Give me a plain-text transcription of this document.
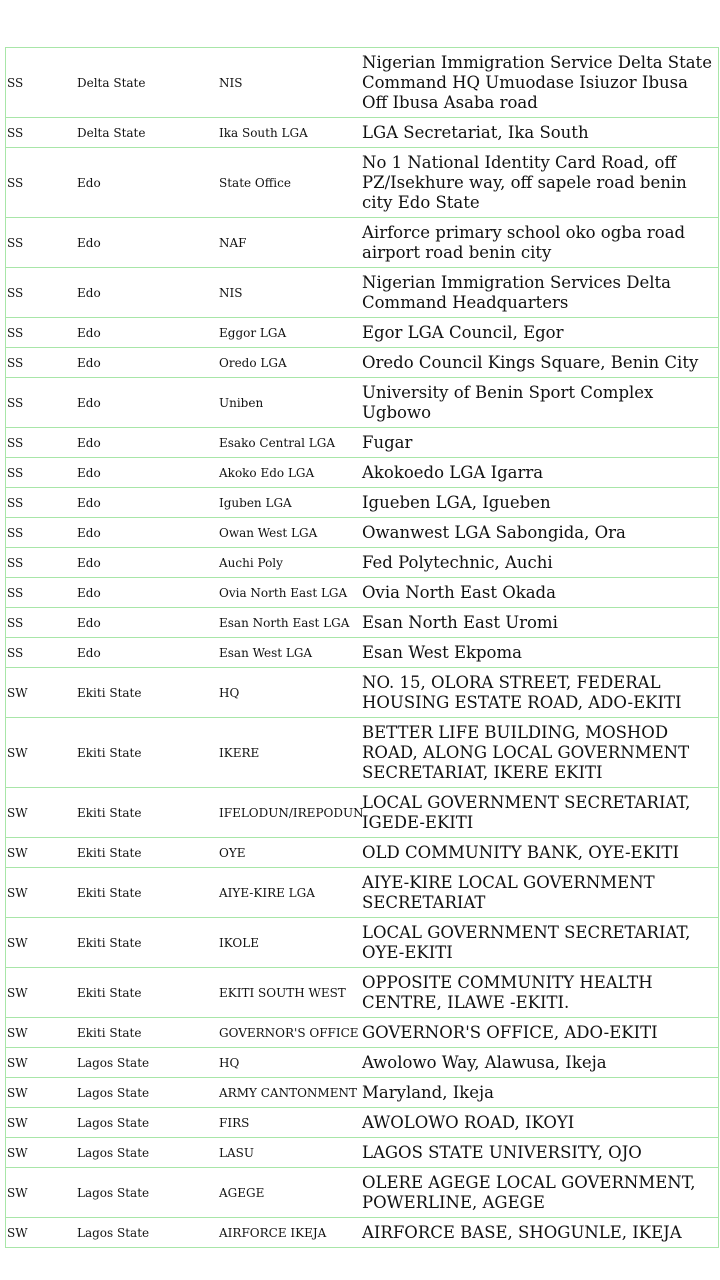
SS	Delta State	NIS	Nigerian Immigration Service Delta State Command HQ Umuodase Isiuzor Ibusa Off Ibusa Asaba road
SS	Delta State	Ika South LGA	LGA Secretariat, Ika South
SS	Edo	State Office	No 1 National Identity Card Road, off PZ/Isekhure way, off sapele road benin city Edo State
SS	Edo	NAF	Airforce primary school oko ogba road airport road benin city
SS	Edo	NIS	Nigerian Immigration Services Delta Command Headquarters
SS	Edo	Eggor LGA	Egor LGA Council, Egor
SS	Edo	Oredo LGA	Oredo Council Kings Square, Benin City
SS	Edo	Uniben	University of Benin Sport Complex Ugbowo
SS	Edo	Esako Central LGA	Fugar
SS	Edo	Akoko Edo LGA	Akokoedo LGA Igarra
SS	Edo	Iguben LGA	Igueben LGA, Igueben
SS	Edo	Owan West LGA	Owanwest LGA Sabongida, Ora
SS	Edo	Auchi Poly	Fed Polytechnic, Auchi
SS	Edo	Ovia North East LGA	Ovia North East Okada
SS	Edo	Esan North East LGA	Esan North East Uromi
SS	Edo	Esan West LGA	Esan West Ekpoma
SW	Ekiti State	HQ	NO. 15, OLORA STREET, FEDERAL HOUSING ESTATE ROAD, ADO-EKITI
SW	Ekiti State	IKERE	BETTER LIFE BUILDING, MOSHOD ROAD, ALONG LOCAL GOVERNMENT SECRETARIAT, IKERE EKITI
SW	Ekiti State	IFELODUN/IREPODUN	LOCAL GOVERNMENT SECRETARIAT, IGEDE-EKITI
SW	Ekiti State	OYE	OLD COMMUNITY BANK, OYE-EKITI
SW	Ekiti State	AIYE-KIRE LGA	AIYE-KIRE LOCAL GOVERNMENT SECRETARIAT
SW	Ekiti State	IKOLE	LOCAL GOVERNMENT SECRETARIAT, OYE-EKITI
SW	Ekiti State	EKITI SOUTH WEST	OPPOSITE COMMUNITY HEALTH CENTRE, ILAWE -EKITI.
SW	Ekiti State	GOVERNOR'S OFFICE	GOVERNOR'S OFFICE, ADO-EKITI
SW	Lagos State	HQ	Awolowo Way, Alawusa, Ikeja
SW	Lagos State	ARMY CANTONMENT	Maryland, Ikeja
SW	Lagos State	FIRS	AWOLOWO ROAD, IKOYI
SW	Lagos State	LASU	LAGOS STATE UNIVERSITY, OJO
SW	Lagos State	AGEGE	OLERE AGEGE LOCAL GOVERNMENT, POWERLINE, AGEGE
SW	Lagos State	AIRFORCE IKEJA	AIRFORCE BASE, SHOGUNLE, IKEJA
